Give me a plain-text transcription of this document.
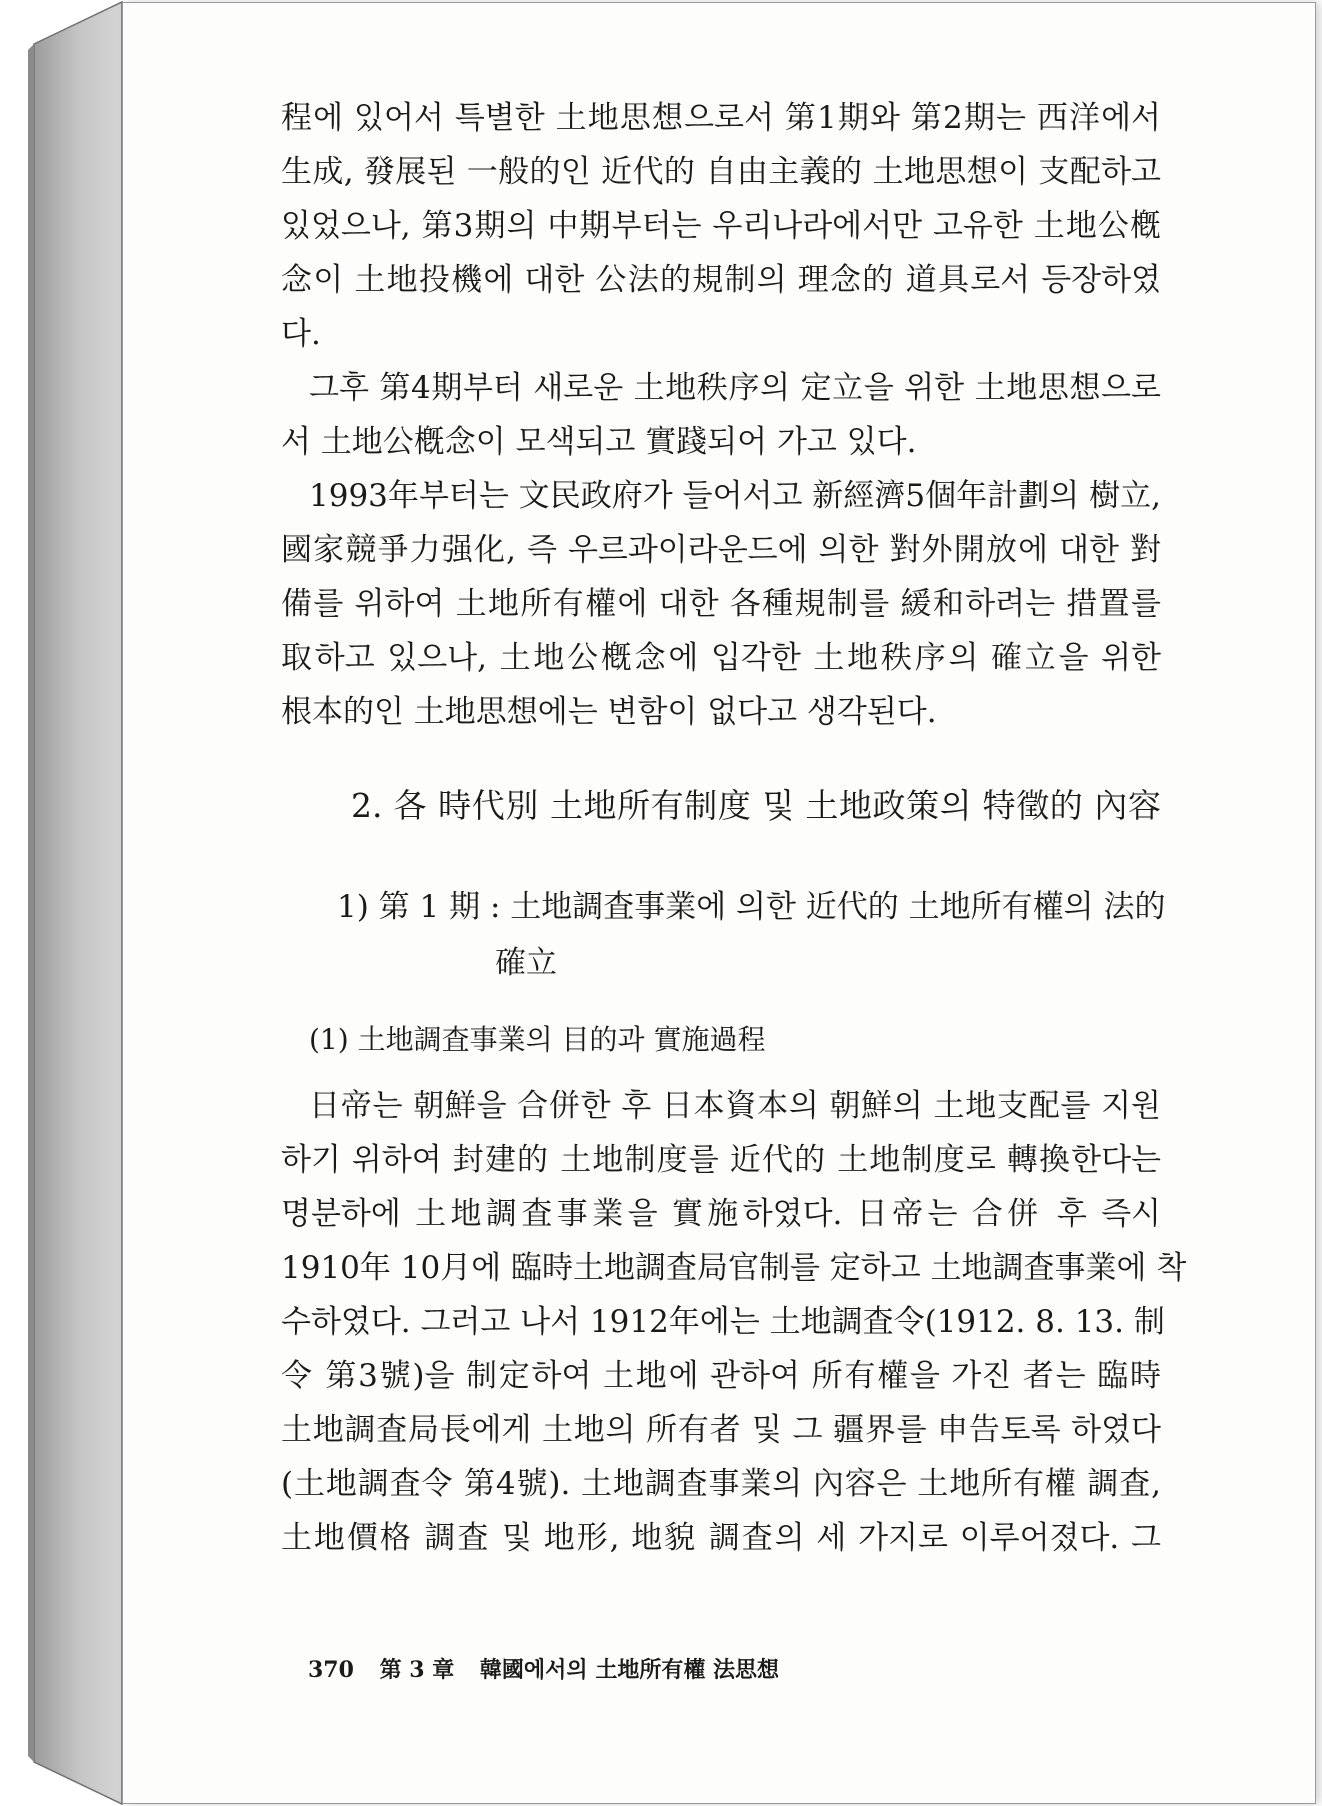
程에 있어서 특별한 土地思想으로서 第1期와 第2期는 西洋에서
生成, 發展된 一般的인 近代的 自由主義的 土地思想이 支配하고
있었으나, 第3期의 中期부터는 우리나라에서만 고유한 土地公槪
念이 土地投機에 대한 公法的規制의 理念的 道具로서 등장하였
다.
그후 第4期부터 새로운 土地秩序의 定立을 위한 土地思想으로
서 土地公槪念이 모색되고 實踐되어 가고 있다.
1993年부터는 文民政府가 들어서고 新經濟5個年計劃의 樹立,
國家競爭力强化, 즉 우르과이라운드에 의한 對外開放에 대한 對
備를 위하여 土地所有權에 대한 各種規制를 緩和하려는 措置를
取하고 있으나, 土地公槪念에 입각한 土地秩序의 確立을 위한
根本的인 土地思想에는 변함이 없다고 생각된다.
2. 各 時代別 土地所有制度 및 土地政策의 特徵的 內容
1) 第 1 期 : 土地調査事業에 의한 近代的 土地所有權의 法的
確立
(1) 土地調査事業의 目的과 實施過程
日帝는 朝鮮을 合併한 후 日本資本의 朝鮮의 土地支配를 지원
하기 위하여 封建的 土地制度를 近代的 土地制度로 轉換한다는
명분하에 土地調査事業을 實施하였다. 日帝는 合併 후 즉시
1910年 10月에 臨時土地調査局官制를 定하고 土地調査事業에 착
수하였다. 그러고 나서 1912年에는 土地調査令(1912. 8. 13. 制
令 第3號)을 制定하여 土地에 관하여 所有權을 가진 者는 臨時
土地調査局長에게 土地의 所有者 및 그 疆界를 申告토록 하였다
(土地調査令 第4號). 土地調査事業의 內容은 土地所有權 調査,
土地價格 調査 및 地形, 地貌 調査의 세 가지로 이루어졌다. 그
370 第 3 章 韓國에서의 土地所有權 法思想
